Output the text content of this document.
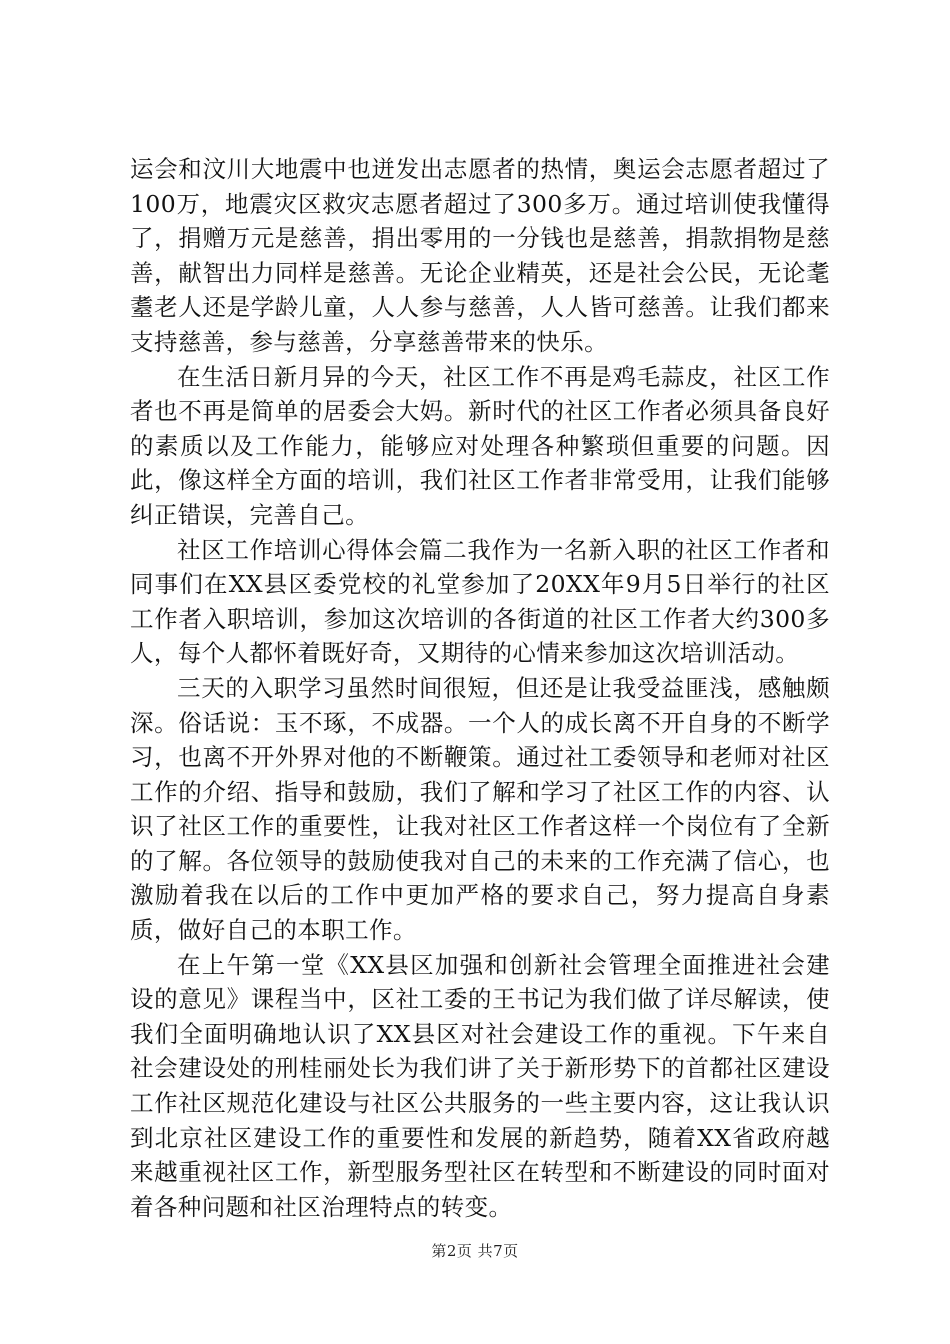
运会和汶川大地震中也迸发出志愿者的热情，奥运会志愿者超过了100万，地震灾区救灾志愿者超过了300多万。通过培训使我懂得了，捐赠万元是慈善，捐出零用的一分钱也是慈善，捐款捐物是慈善，献智出力同样是慈善。无论企业精英，还是社会公民，无论耄耋老人还是学龄儿童，人人参与慈善，人人皆可慈善。让我们都来支持慈善，参与慈善，分享慈善带来的快乐。

在生活日新月异的今天，社区工作不再是鸡毛蒜皮，社区工作者也不再是简单的居委会大妈。新时代的社区工作者必须具备良好的素质以及工作能力，能够应对处理各种繁琐但重要的问题。因此，像这样全方面的培训，我们社区工作者非常受用，让我们能够纠正错误，完善自己。

社区工作培训心得体会篇二我作为一名新入职的社区工作者和同事们在XX县区委党校的礼堂参加了20XX年9月5日举行的社区工作者入职培训，参加这次培训的各街道的社区工作者大约300多人，每个人都怀着既好奇，又期待的心情来参加这次培训活动。

三天的入职学习虽然时间很短，但还是让我受益匪浅，感触颇深。俗话说：玉不琢，不成器。一个人的成长离不开自身的不断学习，也离不开外界对他的不断鞭策。通过社工委领导和老师对社区工作的介绍、指导和鼓励，我们了解和学习了社区工作的内容、认识了社区工作的重要性，让我对社区工作者这样一个岗位有了全新的了解。各位领导的鼓励使我对自己的未来的工作充满了信心，也激励着我在以后的工作中更加严格的要求自己，努力提高自身素质，做好自己的本职工作。

在上午第一堂《XX县区加强和创新社会管理全面推进社会建设的意见》课程当中，区社工委的王书记为我们做了详尽解读，使我们全面明确地认识了XX县区对社会建设工作的重视。下午来自社会建设处的刑桂丽处长为我们讲了关于新形势下的首都社区建设工作社区规范化建设与社区公共服务的一些主要内容，这让我认识到北京社区建设工作的重要性和发展的新趋势，随着XX省政府越来越重视社区工作，新型服务型社区在转型和不断建设的同时面对着各种问题和社区治理特点的转变。

第2页 共7页
